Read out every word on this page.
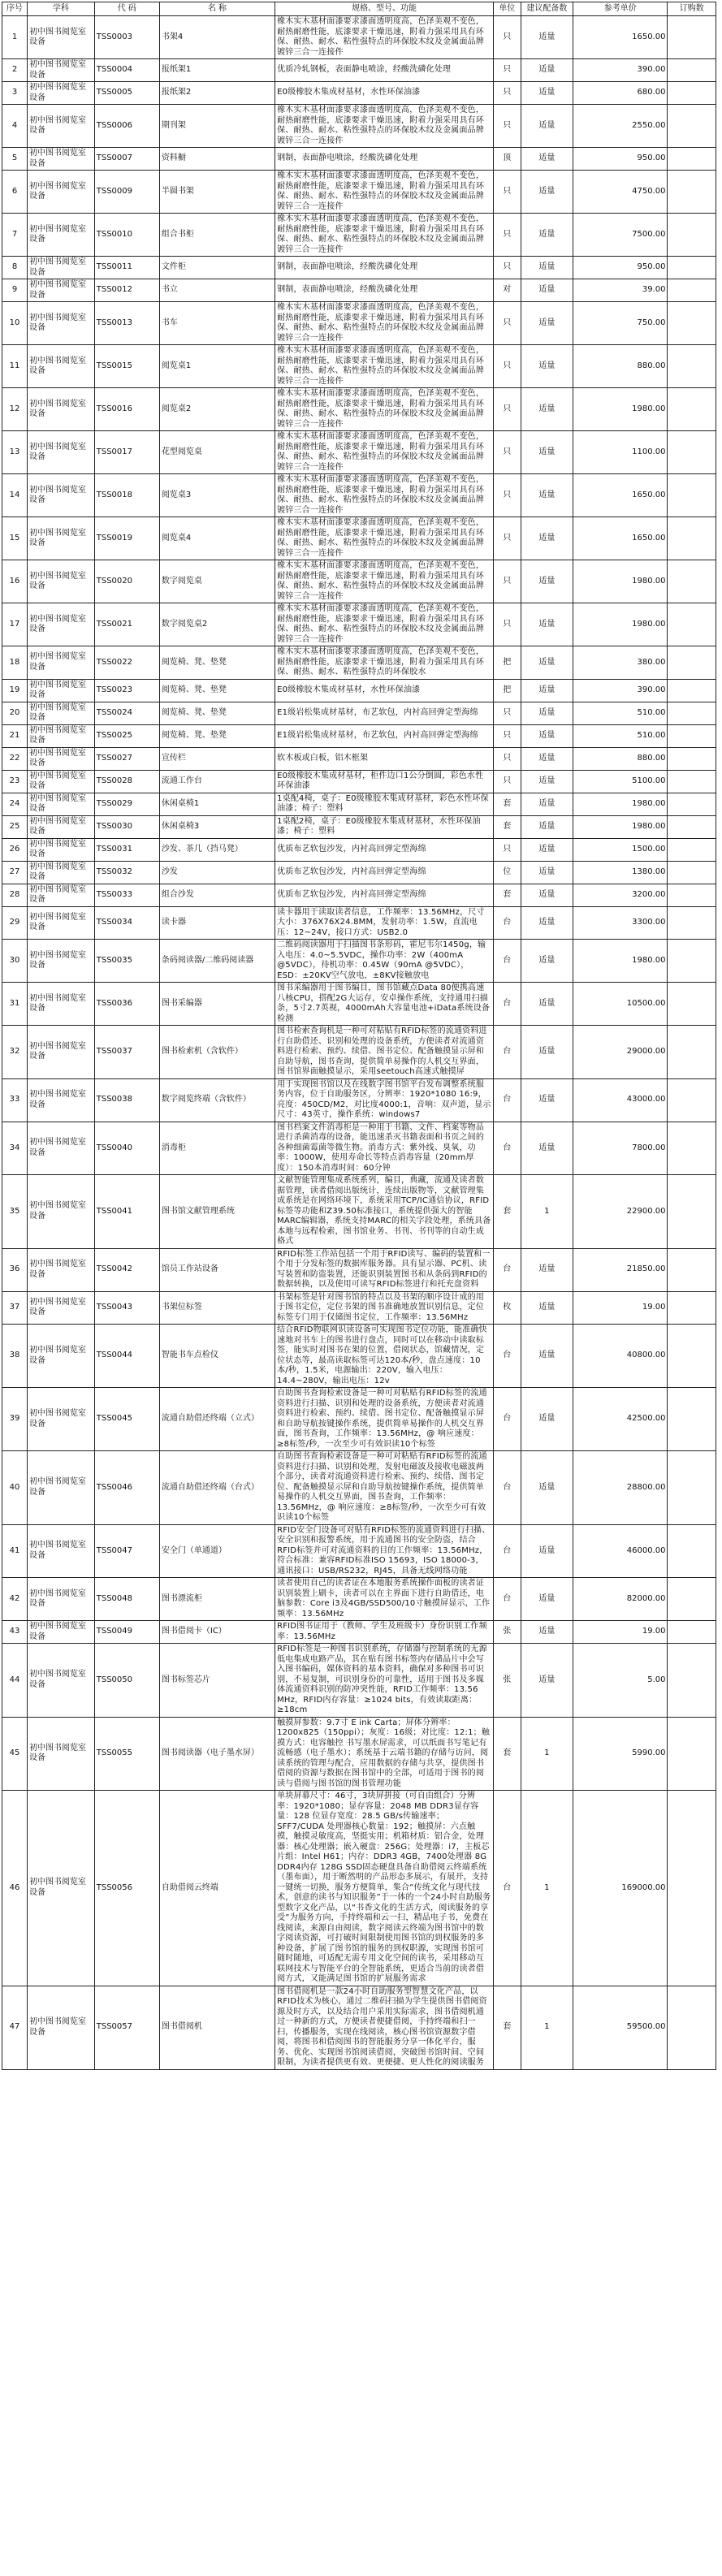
序号	学科	代 码	名 称	规格、型号、功能	单位	建议配备数	参考单价	订购数
1	初中图书阅览室设备	TSS0003	书架4	橡木实木基材面漆要求漆面透明度高，色泽美观不变色，耐热耐磨性能，底漆要求干燥迅速，附着力强采用具有环保、耐热、耐水、粘性强特点的环保胶木纹及金属面品牌镀锌三合一连接件	只	适量	1650.00	
2	初中图书阅览室设备	TSS0004	报纸架1	优质冷轧钢板，表面静电喷涂，经酸洗磷化处理	只	适量	390.00	
3	初中图书阅览室设备	TSS0005	报纸架2	E0级橡胶木集成材基材，水性环保油漆	只	适量	680.00	
4	初中图书阅览室设备	TSS0006	期刊架	橡木实木基材面漆要求漆面透明度高，色泽美观不变色，耐热耐磨性能，底漆要求干燥迅速，附着力强采用具有环保、耐热、耐水、粘性强特点的环保胶木纹及金属面品牌镀锌三合一连接件	只	适量	2550.00	
5	初中图书阅览室设备	TSS0007	资料橱	钢制，表面静电喷涂，经酸洗磷化处理	顶	适量	950.00	
6	初中图书阅览室设备	TSS0009	半圆书架	橡木实木基材面漆要求漆面透明度高，色泽美观不变色，耐热耐磨性能，底漆要求干燥迅速，附着力强采用具有环保、耐热、耐水、粘性强特点的环保胶木纹及金属面品牌镀锌三合一连接件	只	适量	4750.00	
7	初中图书阅览室设备	TSS0010	组合书柜	橡木实木基材面漆要求漆面透明度高，色泽美观不变色，耐热耐磨性能，底漆要求干燥迅速，附着力强采用具有环保、耐热、耐水、粘性强特点的环保胶木纹及金属面品牌镀锌三合一连接件	只	适量	7500.00	
8	初中图书阅览室设备	TSS0011	文件柜	钢制，表面静电喷涂，经酸洗磷化处理	只	适量	950.00	
9	初中图书阅览室设备	TSS0012	书立	钢制，表面静电喷涂，经酸洗磷化处理	对	适量	39.00	
10	初中图书阅览室设备	TSS0013	书车	橡木实木基材面漆要求漆面透明度高，色泽美观不变色，耐热耐磨性能，底漆要求干燥迅速，附着力强采用具有环保、耐热、耐水、粘性强特点的环保胶木纹及金属面品牌镀锌三合一连接件	只	适量	750.00	
11	初中图书阅览室设备	TSS0015	阅览桌1	橡木实木基材面漆要求漆面透明度高，色泽美观不变色，耐热耐磨性能，底漆要求干燥迅速，附着力强采用具有环保、耐热、耐水、粘性强特点的环保胶木纹及金属面品牌镀锌三合一连接件	只	适量	880.00	
12	初中图书阅览室设备	TSS0016	阅览桌2	橡木实木基材面漆要求漆面透明度高，色泽美观不变色，耐热耐磨性能，底漆要求干燥迅速，附着力强采用具有环保、耐热、耐水、粘性强特点的环保胶木纹及金属面品牌镀锌三合一连接件	只	适量	1980.00	
13	初中图书阅览室设备	TSS0017	花型阅览桌	橡木实木基材面漆要求漆面透明度高，色泽美观不变色，耐热耐磨性能，底漆要求干燥迅速，附着力强采用具有环保、耐热、耐水、粘性强特点的环保胶木纹及金属面品牌镀锌三合一连接件	只	适量	1100.00	
14	初中图书阅览室设备	TSS0018	阅览桌3	橡木实木基材面漆要求漆面透明度高，色泽美观不变色，耐热耐磨性能，底漆要求干燥迅速，附着力强采用具有环保、耐热、耐水、粘性强特点的环保胶木纹及金属面品牌镀锌三合一连接件	只	适量	1650.00	
15	初中图书阅览室设备	TSS0019	阅览桌4	橡木实木基材面漆要求漆面透明度高，色泽美观不变色，耐热耐磨性能，底漆要求干燥迅速，附着力强采用具有环保、耐热、耐水、粘性强特点的环保胶木纹及金属面品牌镀锌三合一连接件	只	适量	1650.00	
16	初中图书阅览室设备	TSS0020	数字阅览桌	橡木实木基材面漆要求漆面透明度高，色泽美观不变色，耐热耐磨性能，底漆要求干燥迅速，附着力强采用具有环保、耐热、耐水、粘性强特点的环保胶木纹及金属面品牌镀锌三合一连接件	只	适量	1980.00	
17	初中图书阅览室设备	TSS0021	数字阅览桌2	橡木实木基材面漆要求漆面透明度高，色泽美观不变色，耐热耐磨性能，底漆要求干燥迅速，附着力强采用具有环保、耐热、耐水、粘性强特点的环保胶木纹及金属面品牌镀锌三合一连接件	只	适量	1980.00	
18	初中图书阅览室设备	TSS0022	阅览椅、凳、垫凳	橡木实木基材面漆要求漆面透明度高，色泽美观不变色，耐热耐磨性能，底漆要求干燥迅速，附着力强采用具有环保、耐热、耐水、粘性强特点的环保胶水	把	适量	380.00	
19	初中图书阅览室设备	TSS0023	阅览椅、凳、垫凳	E0级橡胶木集成材基材，水性环保油漆	把	适量	390.00	
20	初中图书阅览室设备	TSS0024	阅览椅、凳、垫凳	E1级岩松集成材基材，布艺软包，内衬高回弹定型海绵	只	适量	510.00	
21	初中图书阅览室设备	TSS0025	阅览椅、凳、垫凳	E1级岩松集成材基材，布艺软包，内衬高回弹定型海绵	只	适量	510.00	
22	初中图书阅览室设备	TSS0027	宣传栏	软木板或白板，铝木框架	只	适量	880.00	
23	初中图书阅览室设备	TSS0028	流通工作台	E0级橡胶木集成材基材，柜件边口1公分倒圆，彩色水性环保油漆	只	适量	5100.00	
24	初中图书阅览室设备	TSS0029	休闲桌椅1	1桌配4椅，桌子：E0级橡胶木集成材基材，彩色水性环保油漆；椅子：塑料	套	适量	1980.00	
25	初中图书阅览室设备	TSS0030	休闲桌椅3	1桌配2椅，桌子：E0级橡胶木集成材基材，水性环保油漆；椅子：塑料	套	适量	1980.00	
26	初中图书阅览室设备	TSS0031	沙发、茶几（挡马凳）	优质布艺软包沙发，内衬高回弹定型海绵	只	适量	1500.00	
27	初中图书阅览室设备	TSS0032	沙发	优质布艺软包沙发，内衬高回弹定型海绵	位	适量	1380.00	
28	初中图书阅览室设备	TSS0033	组合沙发	优质布艺软包沙发，内衬高回弹定型海绵	套	适量	3200.00	
29	初中图书阅览室设备	TSS0034	读卡器	读卡器用于读取读者信息，工作频率：13.56MHz，尺寸大小：376X76X24.8MM，发射功率：1.5W，直流电压：12~24V，接口方式：USB2.0	台	适量	3300.00	
30	初中图书阅览室设备	TSS0035	条码阅读器/二维码阅读器	二维码阅读器用于扫描图书条形码，霍尼韦尔1450g，输入电压：4.0~5.5VDC，操作功率：2W（400mA @5VDC），待机功率：0.45W（90mA @5VDC），ESD：±20KV空气放电，±8KV接触放电	台	适量	1980.00	
31	初中图书阅览室设备	TSS0036	图书采编器	图书采编器用于图书编目，图书馆藏点Data 80便携高速八核CPU，搭配2G大运存，安卓操作系统，支持通用扫描条，5寸2.7英视，4000mAh大容量电池+iData系统设备检测	台	适量	10500.00	
32	初中图书阅览室设备	TSS0037	图书检索机（含软件）	图书检索查询机是一种可对粘贴有RFID标签的流通资料进行自助借还、识别和处理的设备系统，方便读者对流通资料进行检索、预约、续借、图书定位、配备触摸显示屏和自助导航，图书查询，提供简单易操作的人机交互界面，图书馆界面触摸显示，采用seetouch高速式触摸屏	台	适量	29000.00	
33	初中图书阅览室设备	TSS0038	数字阅览终端（含软件）	用于实现图书馆以及在线数字图书馆平台发布调整系统服务内容，位于自助服务区，分辨率：1920*1080 16:9，亮度：450CD/M2，对比度4000:1，音响：双声道，显示尺寸：43英寸，操作系统：windows7	台	适量	43000.00	
34	初中图书阅览室设备	TSS0040	消毒柜	图书档案文件消毒柜是一种用于书籍、文件、档案等物品进行杀菌消毒的设备，能迅速杀灭书籍表面和书页之间的各种细菌霉菌等微生物。消毒方式：紫外线、臭氧，功率：1000W，使用寿命长等特点消毒容量（20mm厚度）：150本消毒时间：60分钟	台	适量	7800.00	
35	初中图书阅览室设备	TSS0041	图书馆文献管理系统	文献智能管理集成系统系列，编目，典藏，流通及读者数据管理，读者借阅出版统计，连续出版物等，文献管理集成系统是在网络环境下，系统采用TCP/IC通信协议，RFID标签等功能和Z39.50标准接口，系统提供强大的智能MARC编辑器，系统支持MARC的相关字段处理，系统具备本地与远程检索，图书馆业务、书刊、书刊等的自动生成格式	套	1	22900.00	
36	初中图书阅览室设备	TSS0042	馆员工作站设备	RFID标签工作站包括一个用于RFID读写、编码的装置和一个用于分发标签的数据库服务器。具有显示器、PC机、读写装置和防盗装置，还能识别装置图书和从条码到RFID的数据转换，以及使用可读写RFID标签进行和托充盘资料	台	适量	21850.00	
37	初中图书阅览室设备	TSS0043	书架位标签	书架标签是针对图书馆的特点以及书架的顺序设计成的用于图书定位，定位书架的图书准确地放置识别信息，定位标签专门用于仅储图书定位，工作频率：13.56MHz	枚	适量	19.00	
38	初中图书阅览室设备	TSS0044	智能书车点检仪	结合RFID物联网识读设备可实现图书定位功能，能准确快速地对书车上的图书进行盘点，同时可以在移动中读取标签，能实时对图书在架的位置，借阅状态，馆藏情况，定位状态等，最高读取标签可达120本/秒，盘点速度：10本/秒，1.5米，电源输出：220V，输入电压：14.4~280V，输出电压：12v	台	适量	40800.00	
39	初中图书阅览室设备	TSS0045	流通自助借还终端（立式）	自助图书查询检索设备是一种可对粘贴有RFID标签的流通资料进行扫描、识别和处理的设备系统，方便读者对流通资料进行检索、预约、续借、图书定位、配备触摸显示屏和自助导航按键操作系统，提供简单易操作的人机交互界面，图书查询，工作频率：13.56MHz，@ 响应速度：≥8标签/秒，一次至少可有效识读10个标签	台	适量	42500.00	
40	初中图书阅览室设备	TSS0046	流通自助借还终端（台式）	自助图书查询检索设备是一种可对粘贴有RFID标签的流通资料进行扫描、识别和处理，发射电磁波及接收电磁波两个部分，读者对流通资料进行检索、预约、续借、图书定位、配备触摸显示屏和自助导航按键操作系统，提供简单易操作的人机交互界面，图书查询，工作频率：13.56MHz，@ 响应速度：≥8标签/秒，一次至少可有效识读10个标签	台	适量	28800.00	
41	初中图书阅览室设备	TSS0047	安全门（单通道）	RFID安全门设备可对贴有RFID标签的流通资料进行扫描、安全识别和报警系统，用于流通图书的安全防盗，结合RFID标签并可对流通资料的目的工作频率：13.56MHz，符合标准：兼容RFID标准ISO 15693，ISO 18000-3，通讯接口：USB/RS232，RJ45，具备无线网络功能	台	适量	46000.00	
42	初中图书阅览室设备	TSS0048	图书漂流柜	读者使用自己的读者证在本地服务系统操作面板的读者证识别装置上刷卡，读者可以在主界面下进行自助借还，电脑参数：Core i3及4GB/SSD500/10寸触摸屏显示，工作频率：13.56MHz	台	适量	82000.00	
43	初中图书阅览室设备	TSS0049	图书借阅卡（IC）	RFID图书证用于（教师、学生及班级卡）身份识别工作频率：13.56MHz	张	适量	19.00	
44	初中图书阅览室设备	TSS0050	图书标签芯片	RFID标签是一种图书识别系统，存储器与控制系统的无源低电集成电路产品，其在贴有图书标签内存储品片中会写入图书编码，媒体资料的基本资料，确保对多种图书可识别，不易复制，可识别身份的可靠性，适用于图书及多媒体流通资料识别的防冲突性能，RFID工作频率：13.56 MHz，RFID内存容量：≥1024 bits，有效读取距离：≥18cm	张	适量	5.00	
45	初中图书阅览室设备	TSS0055	图书阅读器（电子墨水屏）	触摸屏参数：9.7寸 E ink Carta；屏体分辨率：1200x825（150ppi）；灰度：16级；对比度：12:1；触摸方式：电容触控 书写墨水屏需求，可以纸面书写笔记有流畅感（电子墨水）；系统基于云端书籍的存储与访问，阅读系统的管理与配合，应用数据的存储与共享，提供图书借阅的资源与数据在图书馆中的全部，可适用于图书的阅读与借阅与图书馆的图书管理功能	套	1	5990.00	
46	初中图书阅览室设备	TSS0056	自助借阅云终端	单块屏幕尺寸：46寸，3块屏拼接（可自由组合）分辨率：1920*1080；显存容量：2048 MB DDR3显存容量：128 位显存宽度：28.5 GB/s传输速率；SFF7/CUDA 处理器核心数量：192；触摸屏：六点触摸，触摸灵敏度高，坚挺实用；机箱材质：铝合金，处理器：核心处理器；嵌入硬盘：256G；处理器：i7，主板芯片组：Intel H61；内存：DDR3 4GB，7400处理器 8G DDR4内存 128G SSD固态硬盘具备自助借阅云终端系统（墨布面），用于断然明的产品形态多展示，有展开，支持一键统一切换，服务方便简单，集合“传统文化与现代技术，创意的读书与知识服务”于一体的一个24小时自助服务型数字文化产品，以“书香文化的生活方式，阅读服务的享受”为服务方向，手持终端和云一扫，精品电子书，免费在线阅读，来源自由阅读，数字阅读云终端为图书馆中的数字阅读资源，可打破时间限制使用图书馆的到权服务的多种设备，扩展了图书馆的服务的到权职源，实现图书馆可随时随地，可适配无需专用文化空间的读书，采用移动互联网技术与智能平台的全智能系统，更适合当前的读者借阅方式，又能满足图书馆的扩展服务需求	台	1	169000.00	
47	初中图书阅览室设备	TSS0057	图书借阅机	图书借阅机是一款24小时自助服务型智慧文化产品，以RFID技术为核心，通过二维码扫描为学生提供图书借阅资源及时方式，以及结合用户采用实际需求，图书借阅机通过一种新的方式，方便读者便捷借阅，手持终端和扫一扫，传播服务，实现在线阅读，核心图书馆资源数字借阅，将图书和借阅图书的智能服务分享一体化平台，服务、优化、实现图书馆阅读借阅，突破图书馆时间、空间限制，为读者提供更有效、更便捷、更人性化的阅读服务	套	1	59500.00	
